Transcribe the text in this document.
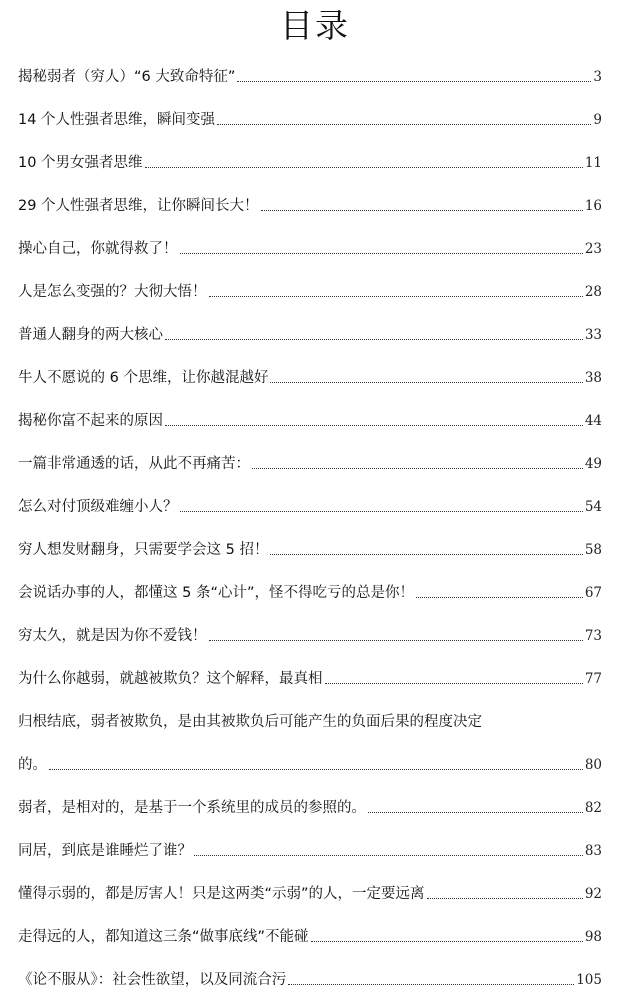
目录
揭秘弱者（穷人）“6 大致命特征”	3
14 个人性强者思维，瞬间变强	9
10 个男女强者思维	11
29 个人性强者思维，让你瞬间长大！	16
操心自己，你就得救了！	23
人是怎么变强的？大彻大悟！	28
普通人翻身的两大核心	33
牛人不愿说的 6 个思维，让你越混越好	38
揭秘你富不起来的原因	44
一篇非常通透的话，从此不再痛苦：	49
怎么对付顶级难缠小人？	54
穷人想发财翻身，只需要学会这 5 招！	58
会说话办事的人，都懂这 5 条“心计”，怪不得吃亏的总是你！	67
穷太久，就是因为你不爱钱！	73
为什么你越弱，就越被欺负？这个解释，最真相	77
归根结底，弱者被欺负，是由其被欺负后可能产生的负面后果的程度决定
的。	80
弱者，是相对的，是基于一个系统里的成员的参照的。	82
同居，到底是谁睡烂了谁？	83
懂得示弱的，都是厉害人！只是这两类“示弱”的人，一定要远离	92
走得远的人，都知道这三条“做事底线”不能碰	98
《论不服从》：社会性欲望，以及同流合污	105
